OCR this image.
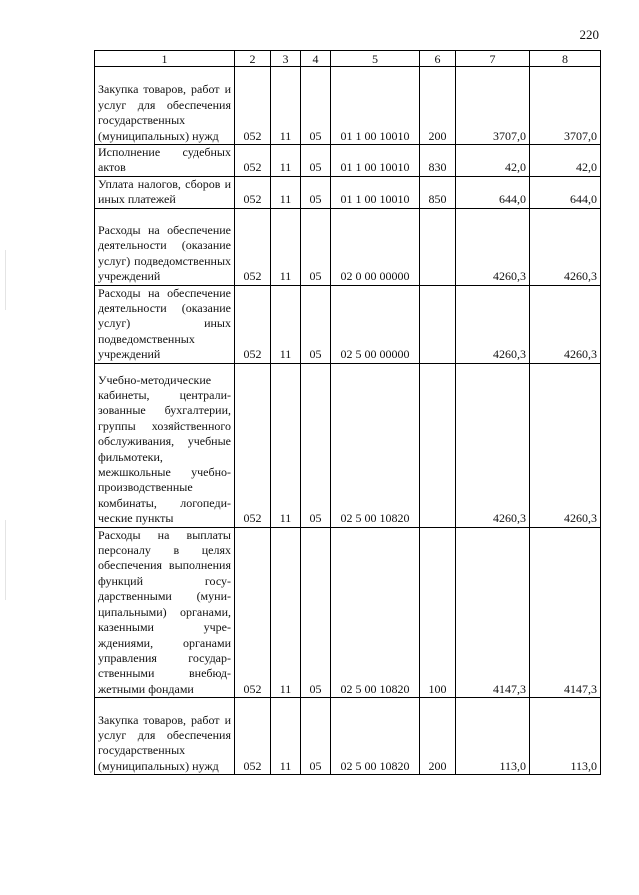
220
1	2	3	4	5	6	7	8
Закупка товаров, работ и услуг для обеспечения государственных (муниципальных) нужд	052	11	05	01 1 00 10010	200	3707,0	3707,0
Исполнение судебных актов	052	11	05	01 1 00 10010	830	42,0	42,0
Уплата налогов, сборов и иных платежей	052	11	05	01 1 00 10010	850	644,0	644,0
Расходы на обеспечение деятельности (оказание услуг) подведомственных учреждений	052	11	05	02 0 00 00000		4260,3	4260,3
Расходы на обеспечение деятельности (оказание услуг) иных подведомственных учреждений	052	11	05	02 5 00 00000		4260,3	4260,3
Учебно-методические кабинеты, централизованные бухгалтерии, группы хозяйственного обслуживания, учебные фильмотеки, межшкольные учебно-производственные комбинаты, логопедические пункты	052	11	05	02 5 00 10820		4260,3	4260,3
Расходы на выплаты персоналу в целях обеспечения выполнения функций государственными (муниципальными) органами, казенными учреждениями, органами управления государственными внебюджетными фондами	052	11	05	02 5 00 10820	100	4147,3	4147,3
Закупка товаров, работ и услуг для обеспечения государственных (муниципальных) нужд	052	11	05	02 5 00 10820	200	113,0	113,0
